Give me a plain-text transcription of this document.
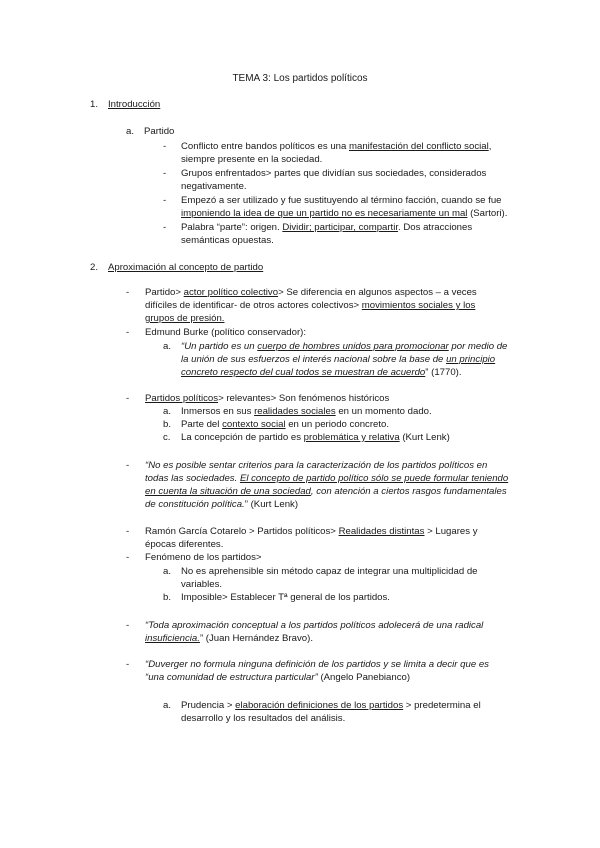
TEMA 3: Los partidos políticos
1.	Introducción
a. Partido
- Conflicto entre bandos políticos es una manifestación del conflicto social,
siempre presente en la sociedad.
- Grupos enfrentados> partes que dividían sus sociedades, considerados
negativamente.
- Empezó a ser utilizado y fue sustituyendo al término facción, cuando se fue
imponiendo la idea de que un partido no es necesariamente un mal (Sartori).
- Palabra “parte”: origen. Dividir; participar, compartir. Dos atracciones
semánticas opuestas.
2.	Aproximación al concepto de partido
- Partido> actor político colectivo> Se diferencia en algunos aspectos – a veces
difíciles de identificar- de otros actores colectivos> movimientos sociales y los
grupos de presión.
- Edmund Burke (político conservador):
a. “Un partido es un cuerpo de hombres unidos para promocionar por medio de
la unión de sus esfuerzos el interés nacional sobre la base de un principio
concreto respecto del cual todos se muestran de acuerdo” (1770).
- Partidos políticos> relevantes> Son fenómenos históricos
a. Inmersos en sus realidades sociales en un momento dado.
b. Parte del contexto social en un periodo concreto.
c. La concepción de partido es problemática y relativa (Kurt Lenk)
- “No es posible sentar criterios para la caracterización de los partidos políticos en
todas las sociedades. El concepto de partido político sólo se puede formular teniendo
en cuenta la situación de una sociedad, con atención a ciertos rasgos fundamentales
de constitución política.” (Kurt Lenk)
- Ramón García Cotarelo > Partidos políticos> Realidades distintas > Lugares y
épocas diferentes.
- Fenómeno de los partidos>
a. No es aprehensible sin método capaz de integrar una multiplicidad de
variables.
b. Imposible> Establecer Tª general de los partidos.
- “Toda aproximación conceptual a los partidos políticos adolecerá de una radical
insuficiencia.” (Juan Hernández Bravo).
- “Duverger no formula ninguna definición de los partidos y se limita a decir que es
“una comunidad de estructura particular” (Angelo Panebianco)
a. Prudencia > elaboración definiciones de los partidos > predetermina el
desarrollo y los resultados del análisis.
